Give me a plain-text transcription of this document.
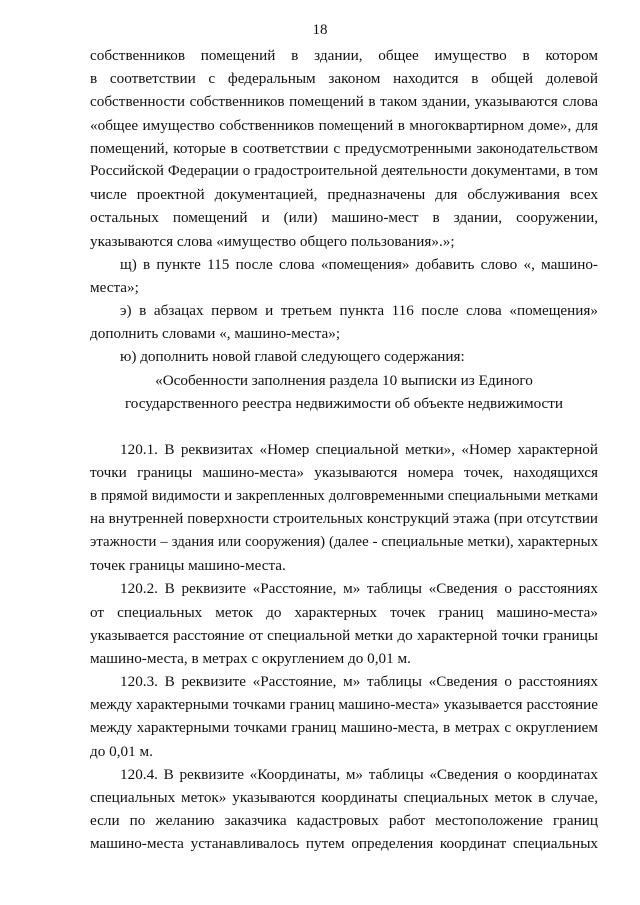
18
собственников помещений в здании, общее имущество в котором
в соответствии с федеральным законом находится в общей долевой
собственности собственников помещений в таком здании, указываются слова
«общее имущество собственников помещений в многоквартирном доме», для
помещений, которые в соответствии с предусмотренными законодательством
Российской Федерации о градостроительной деятельности документами, в том
числе проектной документацией, предназначены для обслуживания всех
остальных помещений и (или) машино-мест в здании, сооружении,
указываются слова «имущество общего пользования».»;
щ) в пункте 115 после слова «помещения» добавить слово «, машино-
места»;
э) в абзацах первом и третьем пункта 116 после слова «помещения»
дополнить словами «, машино-места»;
ю) дополнить новой главой следующего содержания:
«Особенности заполнения раздела 10 выписки из Единого
государственного реестра недвижимости об объекте недвижимости
120.1. В реквизитах «Номер специальной метки», «Номер характерной
точки границы машино-места» указываются номера точек, находящихся
в прямой видимости и закрепленных долговременными специальными метками
на внутренней поверхности строительных конструкций этажа (при отсутствии
этажности – здания или сооружения) (далее - специальные метки), характерных
точек границы машино-места.
120.2. В реквизите «Расстояние, м» таблицы «Сведения о расстояниях
от специальных меток до характерных точек границ машино-места»
указывается расстояние от специальной метки до характерной точки границы
машино-места, в метрах с округлением до 0,01 м.
120.3. В реквизите «Расстояние, м» таблицы «Сведения о расстояниях
между характерными точками границ машино-места» указывается расстояние
между характерными точками границ машино-места, в метрах с округлением
до 0,01 м.
120.4. В реквизите «Координаты, м» таблицы «Сведения о координатах
специальных меток» указываются координаты специальных меток в случае,
если по желанию заказчика кадастровых работ местоположение границ
машино-места устанавливалось путем определения координат специальных
